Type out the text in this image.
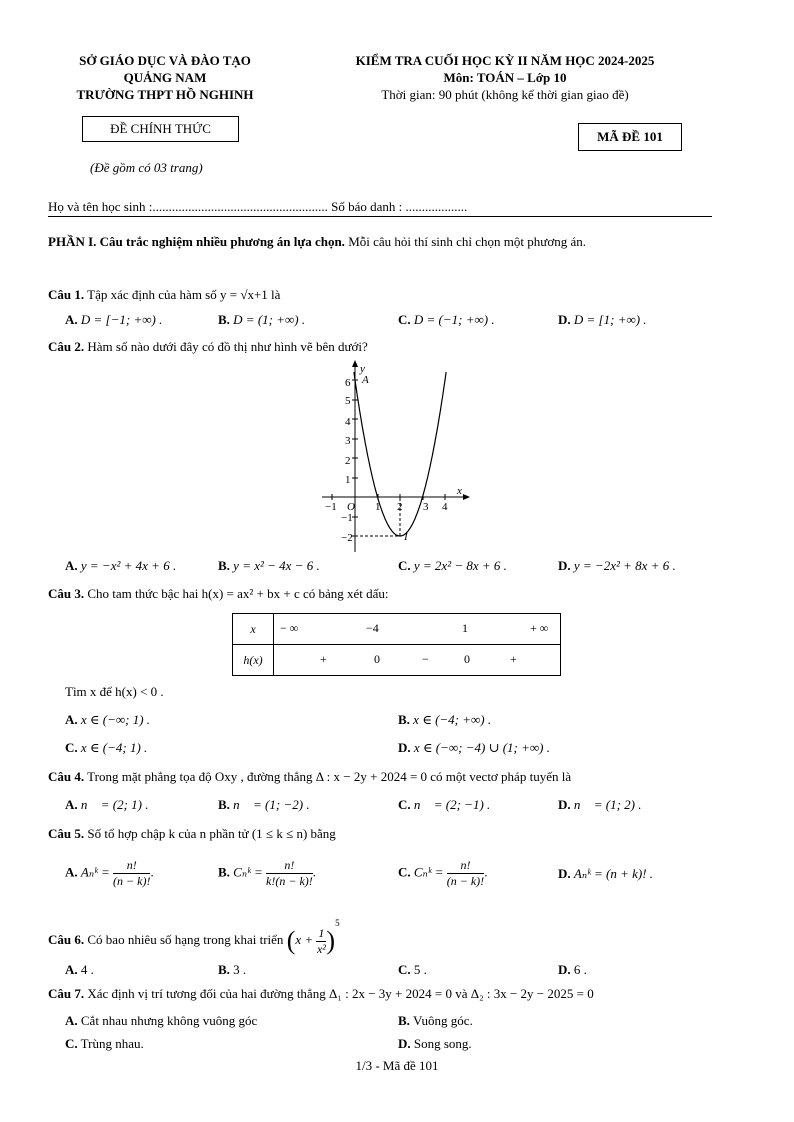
SỞ GIÁO DỤC VÀ ĐÀO TẠO
QUẢNG NAM
TRƯỜNG THPT HỒ NGHINH
ĐỀ CHÍNH THỨC
(Đề gồm có 03 trang)
KIỂM TRA CUỐI HỌC KỲ II NĂM HỌC 2024-2025
Môn: TOÁN – Lớp 10
Thời gian: 90 phút (không kể thời gian giao đề)
MÃ ĐỀ 101
Họ và tên học sinh :...................................................... Số báo danh : ...................
PHẦN I. Câu trắc nghiệm nhiều phương án lựa chọn. Mỗi câu hỏi thí sinh chỉ chọn một phương án.
Câu 1. Tập xác định của hàm số y = √x+1 là
A. D = [−1; +∞) .	B. D = (1; +∞) .	C. D = (−1; +∞) .	D. D = [1; +∞) .
Câu 2. Hàm số nào dưới đây có đồ thị như hình vẽ bên dưới?
y
x
6
5
4
3
2
1
−1
−2
−1	1 2 3 4
O
A
I
A. y = −x² + 4x + 6 .	B. y = x² − 4x − 6 .	C. y = 2x² − 8x + 6 .	D. y = −2x² + 8x + 6 .
Câu 3. Cho tam thức bậc hai h(x) = ax² + bx + c có bảng xét dấu:
x	− ∞ −4 1 + ∞

h(x)	+ 0 − 0 +
Tìm x để h(x) < 0 .
A. x ∈ (−∞; 1) .	B. x ∈ (−4; +∞) .
C. x ∈ (−4; 1) .	D. x ∈ (−∞; −4) ∪ (1; +∞) .
Câu 4. Trong mặt phẳng tọa độ Oxy , đường thẳng Δ : x − 2y + 2024 = 0 có một vectơ pháp tuyến là
A. n⃗ = (2; 1) .	B. n⃗ = (1; −2) .	C. n⃗ = (2; −1) .	D. n⃗ = (1; 2) .
Câu 5. Số tổ hợp chập k của n phần tử (1 ≤ k ≤ n) bằng
A. Aₙᵏ = $\frac{n!}{(n - k)!}$ .	B. Cₙᵏ = $\frac{n!}{k!(n - k)!}$ .	C. Cₙᵏ = $\frac{n!}{(n - k)!}$ .	D. Aₙᵏ = (n + k)! .
Câu 6. Có bao nhiêu số hạng trong khai triển $(x + \frac{1}{\text{x²}} )^5$
A. 4 .	B. 3 .	C. 5 .	D. 6 .
Câu 7. Xác định vị trí tương đối của hai đường thẳng Δ₁ : 2x − 3y + 2024 = 0 và Δ₂ : 3x − 2y − 2025 = 0
A. Cắt nhau nhưng không vuông góc	B. Vuông góc.
C. Trùng nhau.	D. Song song.
1/3 - Mã đề 101
